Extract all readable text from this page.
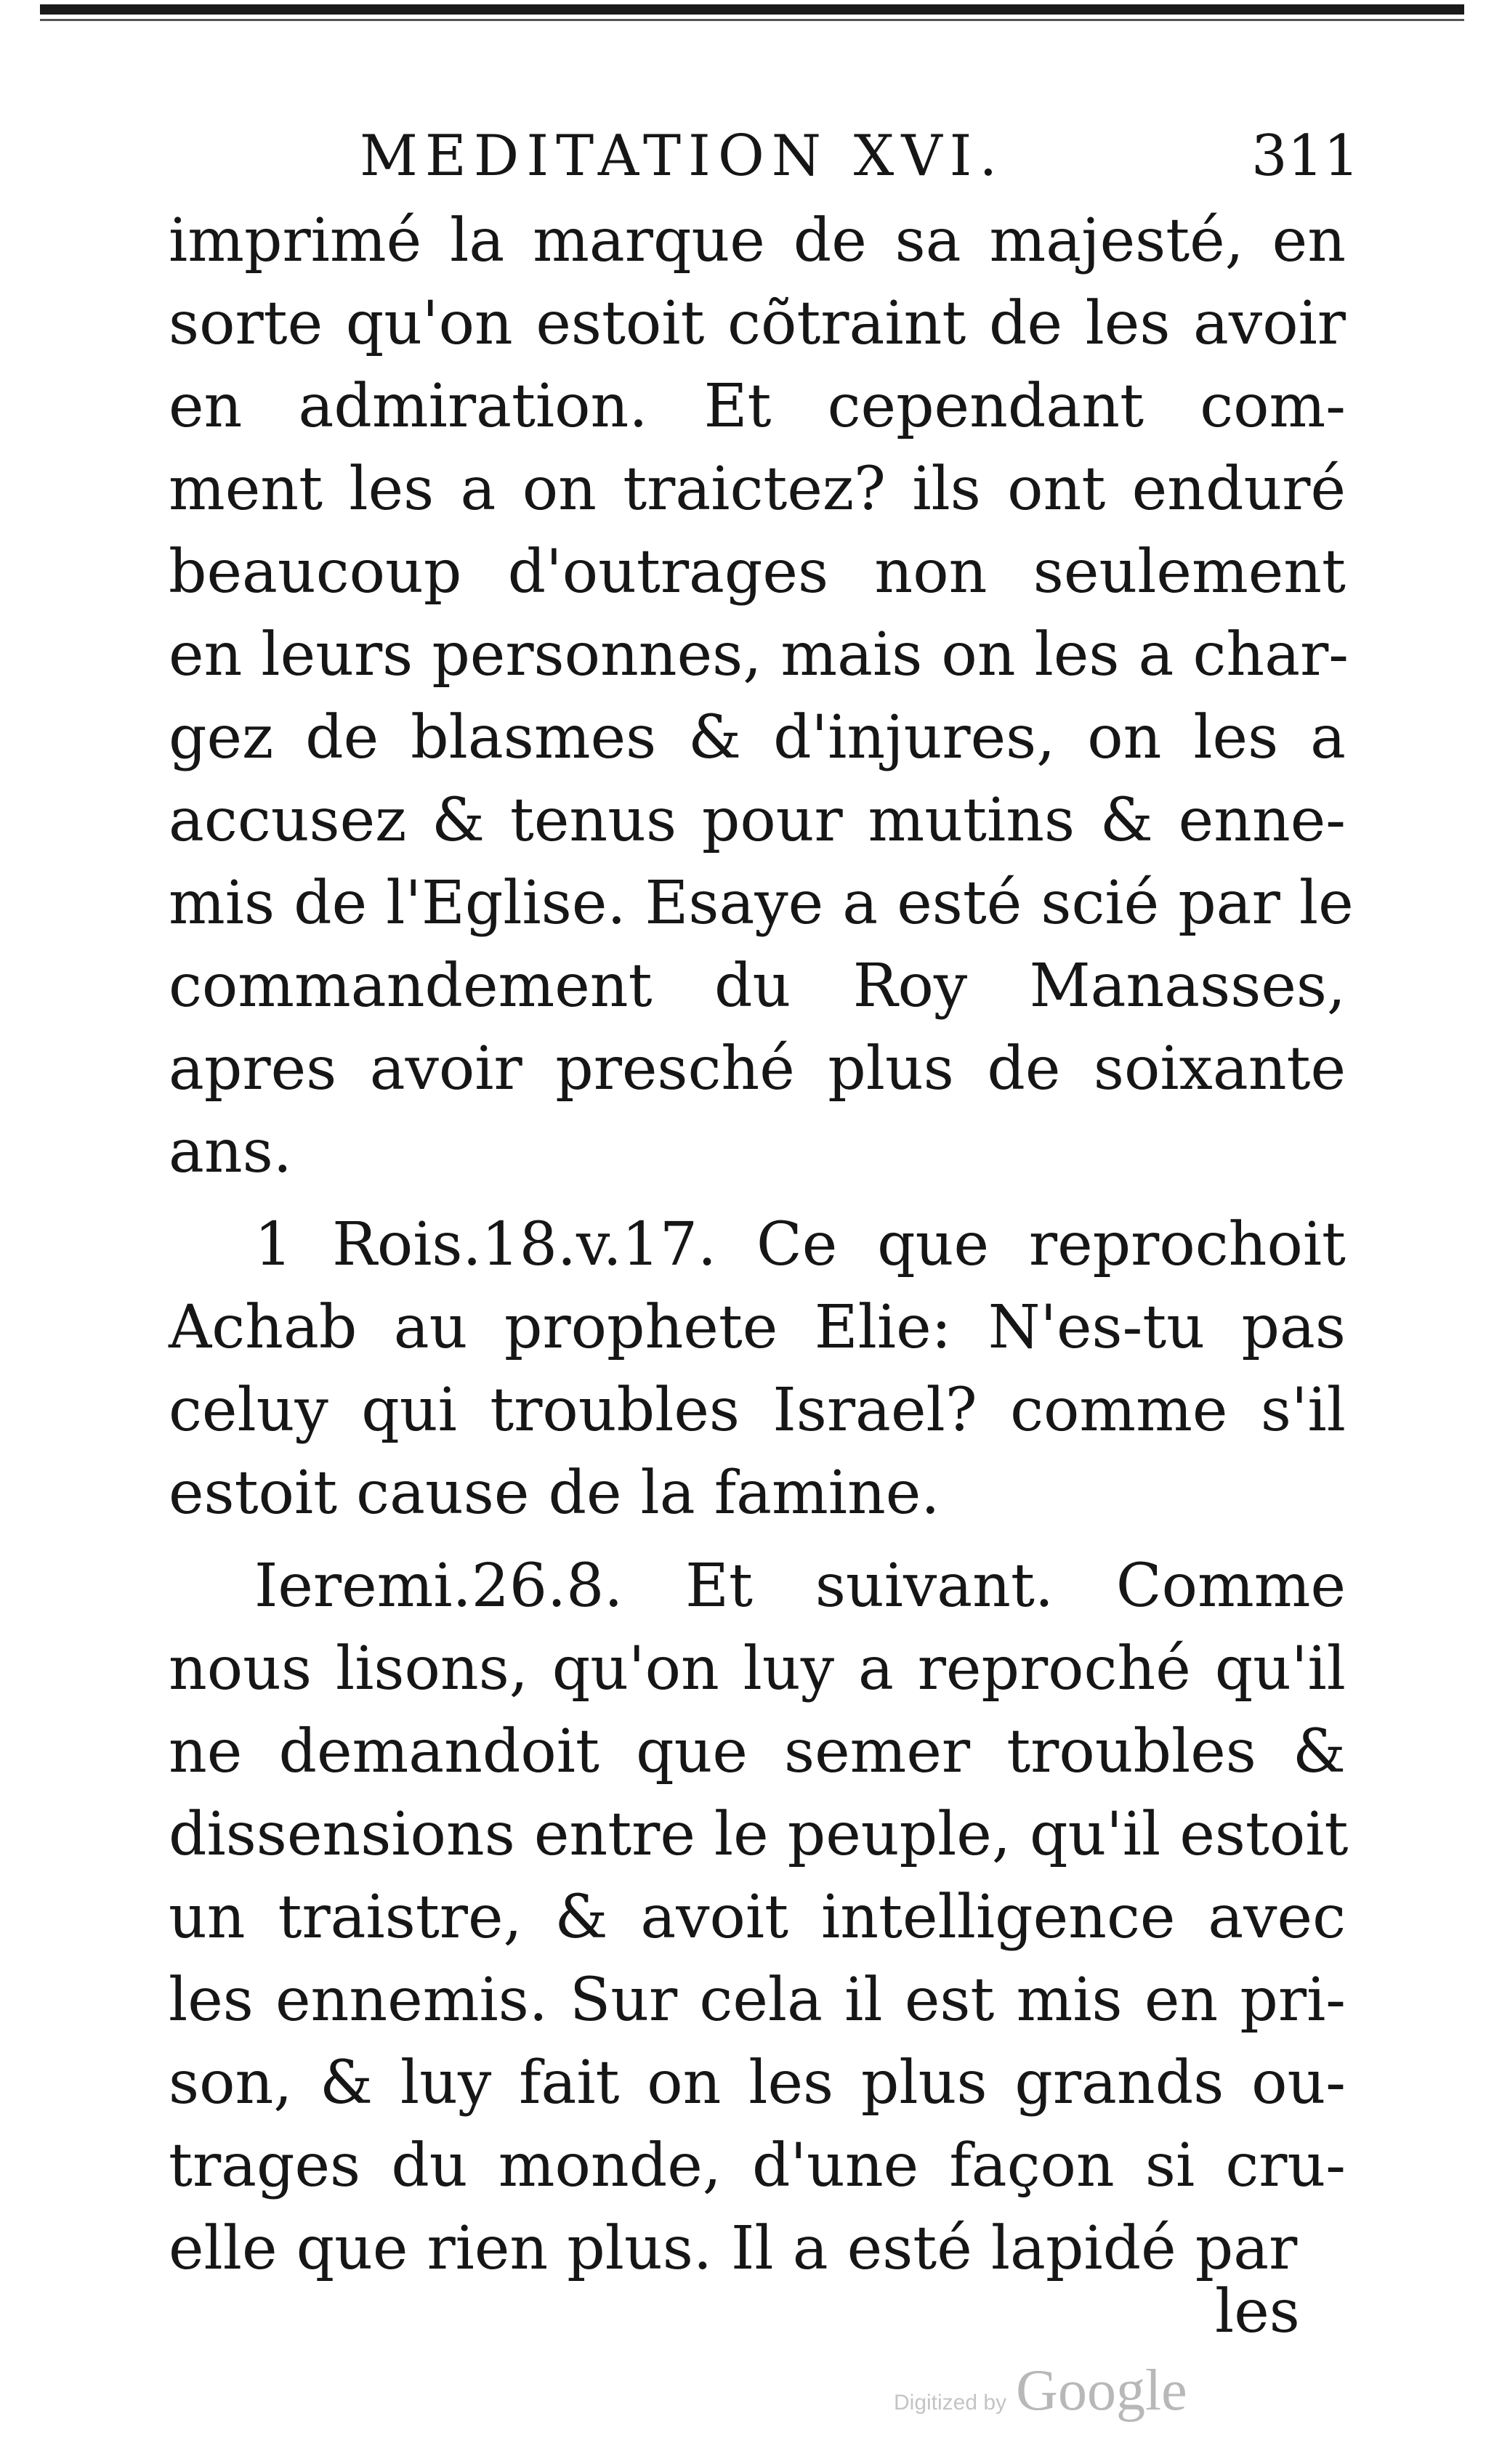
MEDITATION XVI.	311
imprimé la marque de sa majesté, en
sorte qu'on estoit cõtraint de les avoir
en admiration. Et cependant com-
ment les a on traictez? ils ont enduré
beaucoup d'outrages non seulement
en leurs personnes, mais on les a char-
gez de blasmes & d'injures, on les a
accusez & tenus pour mutins & enne-
mis de l'Eglise. Esaye a esté scié par le
commandement du Roy Manasses,
apres avoir presché plus de soixante
ans.
1 Rois.18.v.17. Ce que reprochoit
Achab au prophete Elie: N'es-tu pas
celuy qui troubles Israel? comme s'il
estoit cause de la famine.
Ieremi.26.8. Et suivant. Comme
nous lisons, qu'on luy a reproché qu'il
ne demandoit que semer troubles &
dissensions entre le peuple, qu'il estoit
un traistre, & avoit intelligence avec
les ennemis. Sur cela il est mis en pri-
son, & luy fait on les plus grands ou-
trages du monde, d'une façon si cru-
elle que rien plus. Il a esté lapidé par
les
Digitized by Google
